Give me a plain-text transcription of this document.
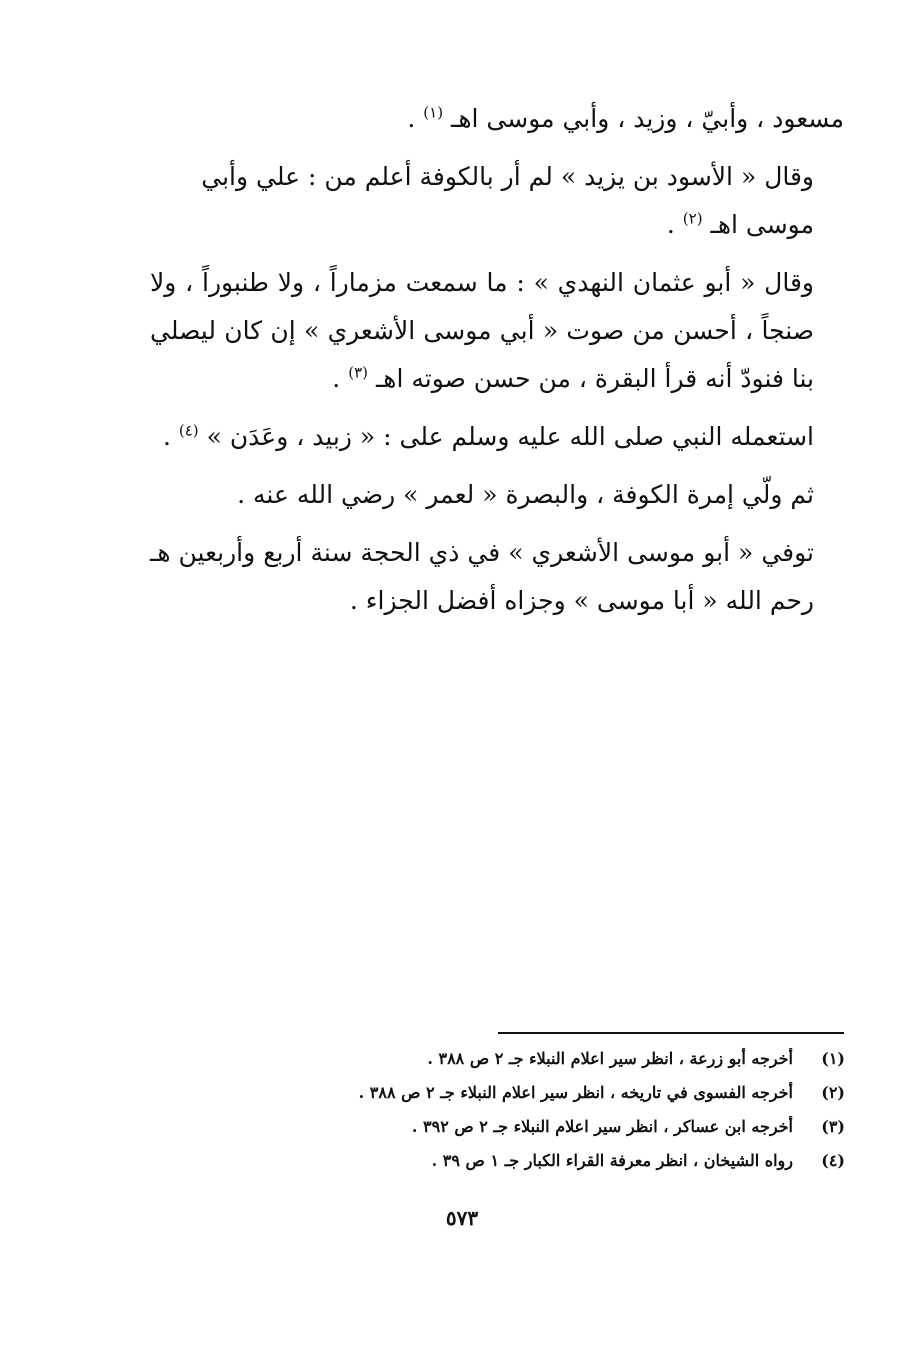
مسعود ، وأبيّ ، وزيد ، وأبي موسى اهـ $^{(١)}$ .

وقال « الأسود بن يزيد » لم أر بالكوفة أعلم من : علي وأبي موسى اهـ $^{(٢)}$ .

وقال « أبو عثمان النهدي » : ما سمعت مزماراً ، ولا طنبوراً ، ولا صنجاً ، أحسن من صوت « أبي موسى الأشعري » إن كان ليصلي بنا فنودّ أنه قرأ البقرة ، من حسن صوته اهـ $^{(٣)}$ .

استعمله النبي صلى الله عليه وسلم على : « زبيد ، وعَدَن » $^{(٤)}$ .

ثم ولّي إمرة الكوفة ، والبصرة « لعمر » رضي الله عنه .

توفي « أبو موسى الأشعري » في ذي الحجة سنة أربع وأربعين هـ رحم الله « أبا موسى » وجزاه أفضل الجزاء .

(١)
أخرجه أبو زرعة ، انظر سير اعلام النبلاء جـ ٢ ص ٣٨٨ .
(٢)
أخرجه الفسوى في تاريخه ، انظر سير اعلام النبلاء جـ ٢ ص ٣٨٨ .
(٣)
أخرجه ابن عساكر ، انظر سير اعلام النبلاء جـ ٢ ص ٣٩٢ .
(٤)
رواه الشيخان ، انظر معرفة القراء الكبار جـ ١ ص ٣٩ .
٥٧٣
